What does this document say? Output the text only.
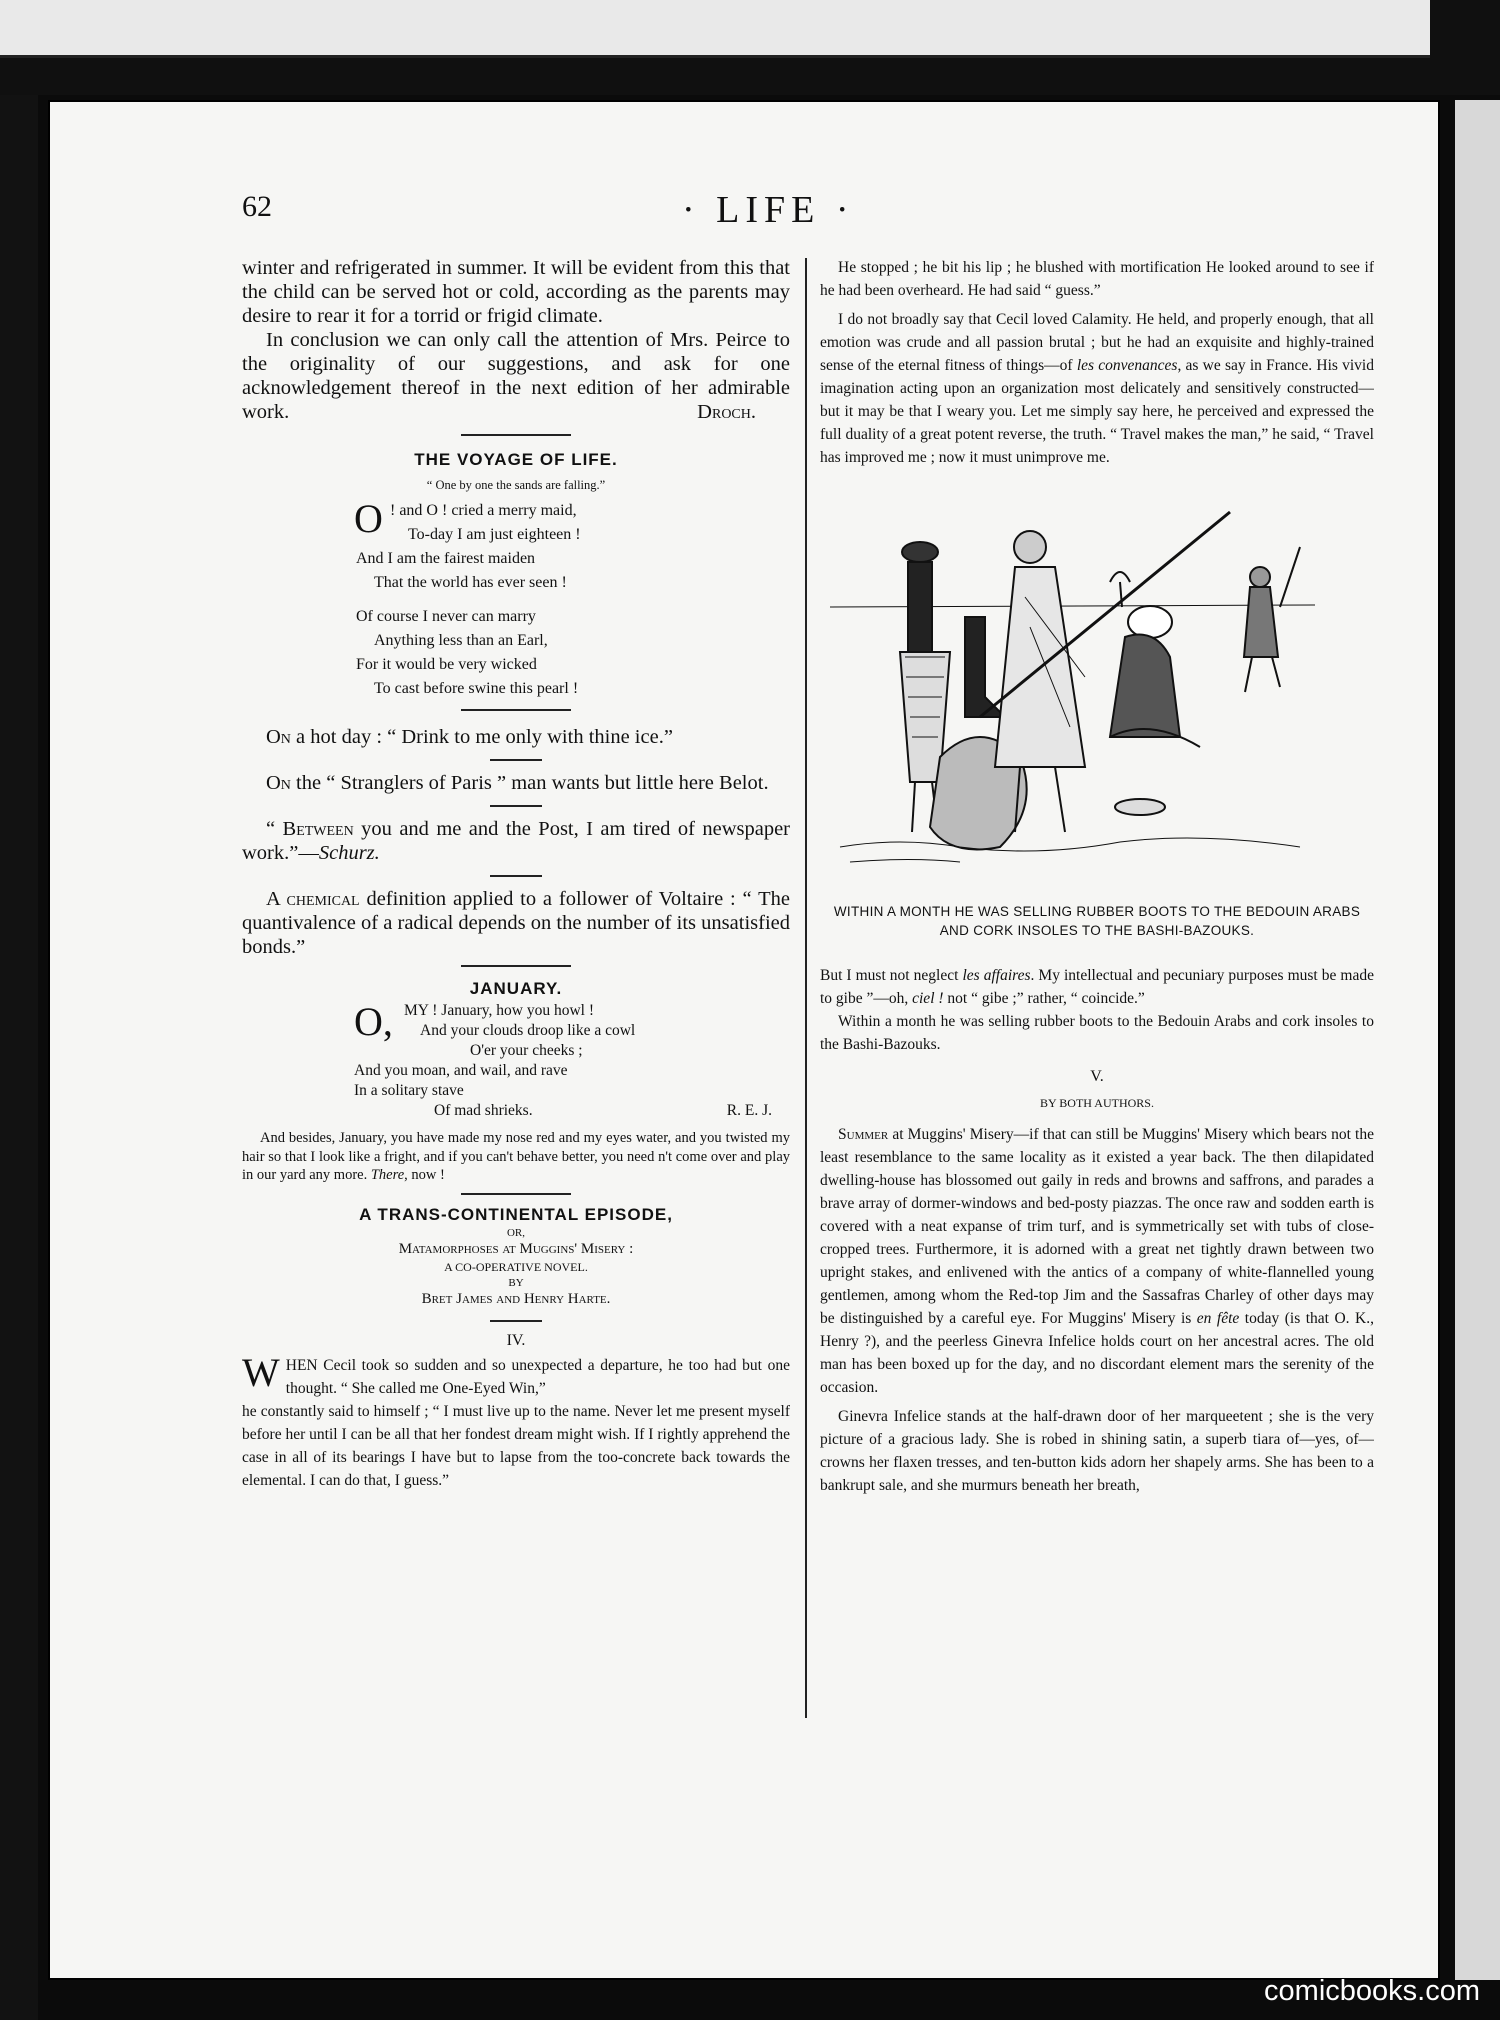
62	· LIFE ·

winter and refrigerated in summer. It will be evident from this that the child can be served hot or cold, according as the parents may desire to rear it for a torrid or frigid climate.

In conclusion we can only call the attention of Mrs. Peirce to the originality of our suggestions, and ask for one acknowledgement thereof in the next edition of her admirable work.	Droch.

THE VOYAGE OF LIFE.

“ One by one the sands are falling.”

O ! and O ! cried a merry maid,
To-day I am just eighteen !
And I am the fairest maiden
That the world has ever seen !
Of course I never can marry
Anything less than an Earl,
For it would be very wicked
To cast before swine this pearl !

On a hot day : “ Drink to me only with thine ice.”

On the “ Stranglers of Paris ” man wants but little here Belot.

“ Between you and me and the Post, I am tired of newspaper work.”—Schurz.

A chemical definition applied to a follower of Voltaire : “ The quantivalence of a radical depends on the number of its unsatisfied bonds.”

JANUARY.

O, MY ! January, how you howl !
And your clouds droop like a cowl
O'er your cheeks ;
And you moan, and wail, and rave
In a solitary stave
Of mad shrieks.	R. E. J.

And besides, January, you have made my nose red and my eyes water, and you twisted my hair so that I look like a fright, and if you can't behave better, you need n't come over and play in our yard any more. There, now !

A TRANS-CONTINENTAL EPISODE,

OR,

Matamorphoses at Muggins' Misery :

A CO-OPERATIVE NOVEL.

BY

Bret James and Henry Harte.

IV.

WHEN Cecil took so sudden and so unexpected a departure, he too had but one thought. “ She called me One-Eyed Win,”

he constantly said to himself ; “ I must live up to the name. Never let me present myself before her until I can be all that her fondest dream might wish. If I rightly apprehend the case in all of its bearings I have but to lapse from the too-concrete back towards the elemental. I can do that, I guess.”

He stopped ; he bit his lip ; he blushed with mortification He looked around to see if he had been overheard. He had said “ guess.”

I do not broadly say that Cecil loved Calamity. He held, and properly enough, that all emotion was crude and all passion brutal ; but he had an exquisite and highly-trained sense of the eternal fitness of things—of les convenances, as we say in France. His vivid imagination acting upon an organization most delicately and sensitively constructed—but it may be that I weary you. Let me simply say here, he perceived and expressed the full duality of a great potent reverse, the truth. “ Travel makes the man,” he said, “ Travel has improved me ; now it must unimprove me.

WITHIN A MONTH HE WAS SELLING RUBBER BOOTS TO THE BEDOUIN ARABS AND CORK INSOLES TO THE BASHI-BAZOUKS.

But I must not neglect les affaires. My intellectual and pecuniary purposes must be made to gibe ”—oh, ciel ! not “ gibe ;” rather, “ coincide.”

Within a month he was selling rubber boots to the Bedouin Arabs and cork insoles to the Bashi-Bazouks.

V.

BY BOTH AUTHORS.

Summer at Muggins' Misery—if that can still be Muggins' Misery which bears not the least resemblance to the same locality as it existed a year back. The then dilapidated dwelling-house has blossomed out gaily in reds and browns and saffrons, and parades a brave array of dormer-windows and bed-posty piazzas. The once raw and sodden earth is covered with a neat expanse of trim turf, and is symmetrically set with tubs of close-cropped trees. Furthermore, it is adorned with a great net tightly drawn between two upright stakes, and enlivened with the antics of a company of white-flannelled young gentlemen, among whom the Red-top Jim and the Sassafras Charley of other days may be distinguished by a careful eye. For Muggins' Misery is en fête today (is that O. K., Henry ?), and the peerless Ginevra Infelice holds court on her ancestral acres. The old man has been boxed up for the day, and no discordant element mars the serenity of the occasion.

Ginevra Infelice stands at the half-drawn door of her marqueetent ; she is the very picture of a gracious lady. She is robed in shining satin, a superb tiara of—yes, of—crowns her flaxen tresses, and ten-button kids adorn her shapely arms. She has been to a bankrupt sale, and she murmurs beneath her breath,

comicbooks.com
